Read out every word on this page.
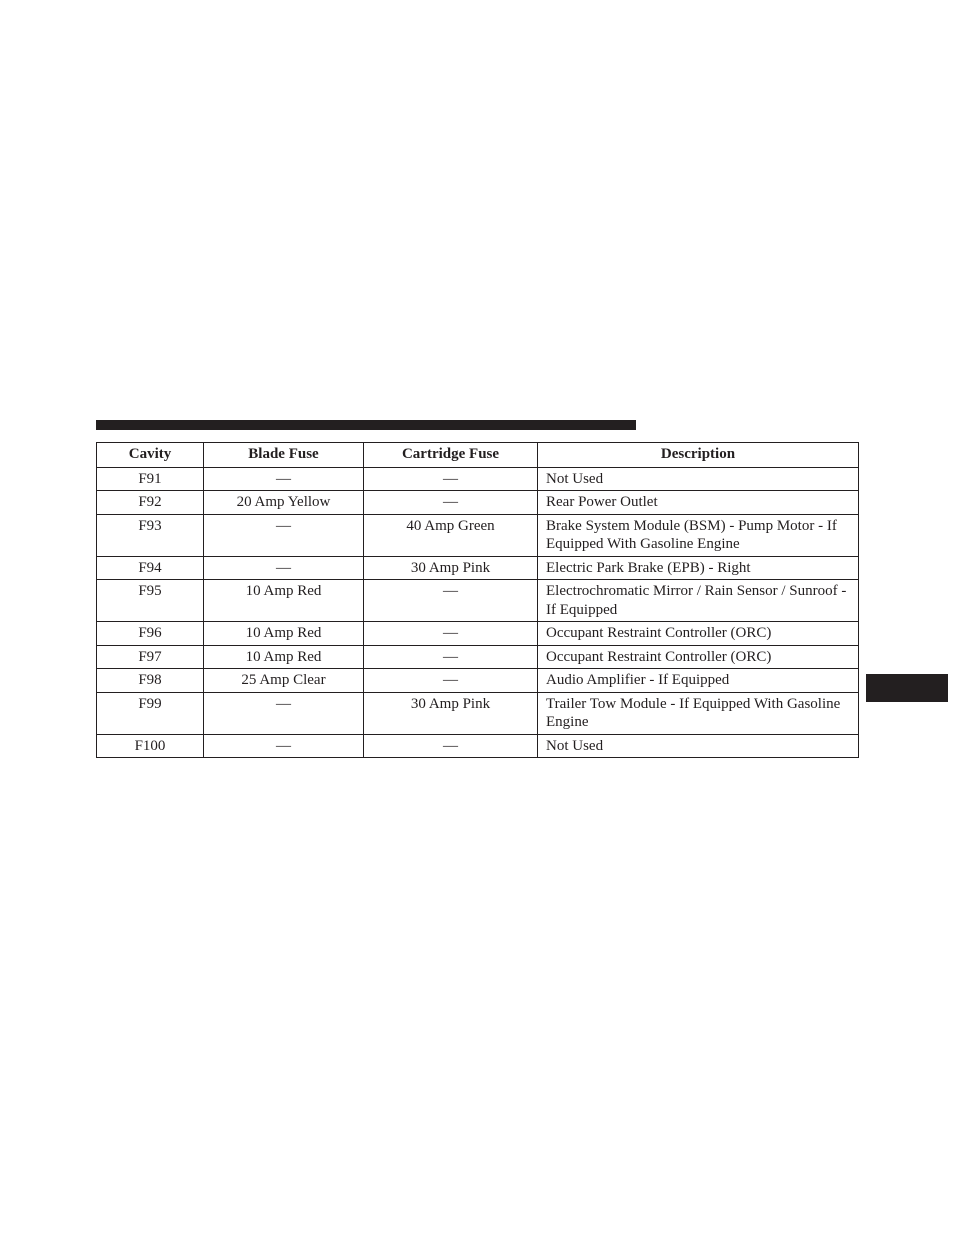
Cavity	Blade Fuse	Cartridge Fuse	Description
F91	—	—	Not Used
F92	20 Amp Yellow	—	Rear Power Outlet
F93	—	40 Amp Green	Brake System Module (BSM) - Pump Motor - If Equipped With Gasoline Engine
F94	—	30 Amp Pink	Electric Park Brake (EPB) - Right
F95	10 Amp Red	—	Electrochromatic Mirror / Rain Sensor / Sunroof - If Equipped
F96	10 Amp Red	—	Occupant Restraint Controller (ORC)
F97	10 Amp Red	—	Occupant Restraint Controller (ORC)
F98	25 Amp Clear	—	Audio Amplifier - If Equipped
F99	—	30 Amp Pink	Trailer Tow Module - If Equipped With Gasoline Engine
F100	—	—	Not Used
